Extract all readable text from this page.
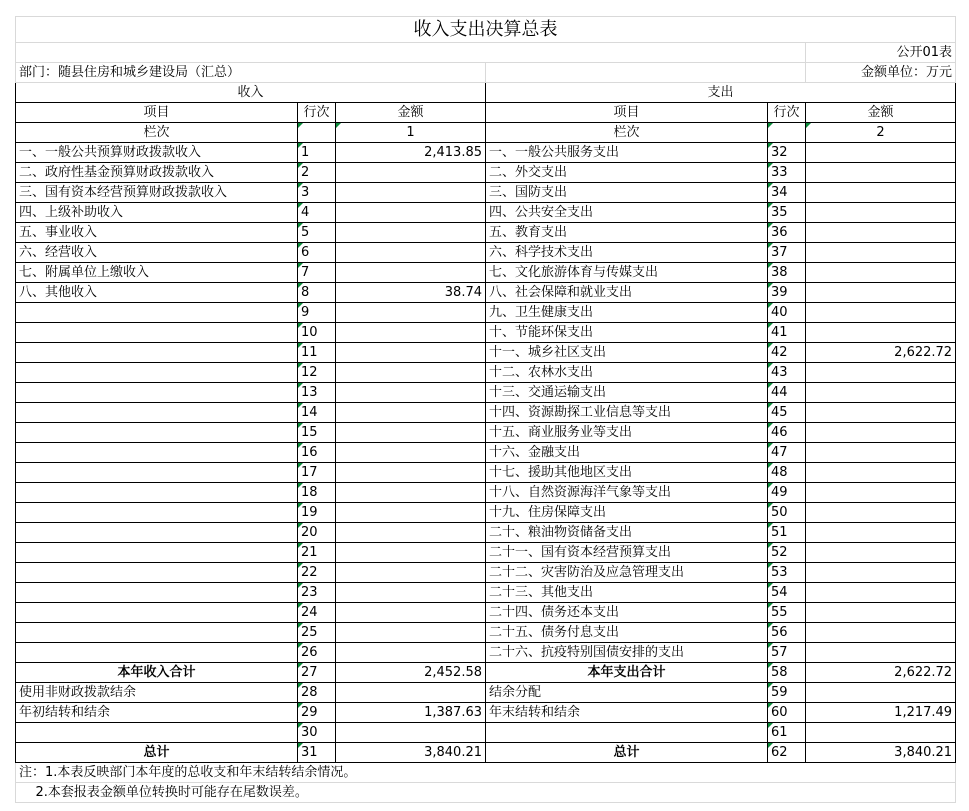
收入支出决算总表					
					公开01表
部门：随县住房和城乡建设局（汇总）					金额单位：万元
收入			支出		
项目	行次	金额	项目	行次	金额
栏次		1	栏次		2
一、一般公共预算财政拨款收入	1	2,413.85	一、一般公共服务支出	32	
二、政府性基金预算财政拨款收入	2		二、外交支出	33	
三、国有资本经营预算财政拨款收入	3		三、国防支出	34	
四、上级补助收入	4		四、公共安全支出	35	
五、事业收入	5		五、教育支出	36	
六、经营收入	6		六、科学技术支出	37	
七、附属单位上缴收入	7		七、文化旅游体育与传媒支出	38	
八、其他收入	8	38.74	八、社会保障和就业支出	39	
	9		九、卫生健康支出	40	
	10		十、节能环保支出	41	
	11		十一、城乡社区支出	42	2,622.72
	12		十二、农林水支出	43	
	13		十三、交通运输支出	44	
	14		十四、资源勘探工业信息等支出	45	
	15		十五、商业服务业等支出	46	
	16		十六、金融支出	47	
	17		十七、援助其他地区支出	48	
	18		十八、自然资源海洋气象等支出	49	
	19		十九、住房保障支出	50	
	20		二十、粮油物资储备支出	51	
	21		二十一、国有资本经营预算支出	52	
	22		二十二、灾害防治及应急管理支出	53	
	23		二十三、其他支出	54	
	24		二十四、债务还本支出	55	
	25		二十五、债务付息支出	56	
	26		二十六、抗疫特别国债安排的支出	57	
本年收入合计	27	2,452.58	本年支出合计	58	2,622.72
使用非财政拨款结余	28		结余分配	59	
年初结转和结余	29	1,387.63	年末结转和结余	60	1,217.49
	30			61	
总计	31	3,840.21	总计	62	3,840.21
注：1.本表反映部门本年度的总收支和年末结转结余情况。					
2.本套报表金额单位转换时可能存在尾数误差。					
